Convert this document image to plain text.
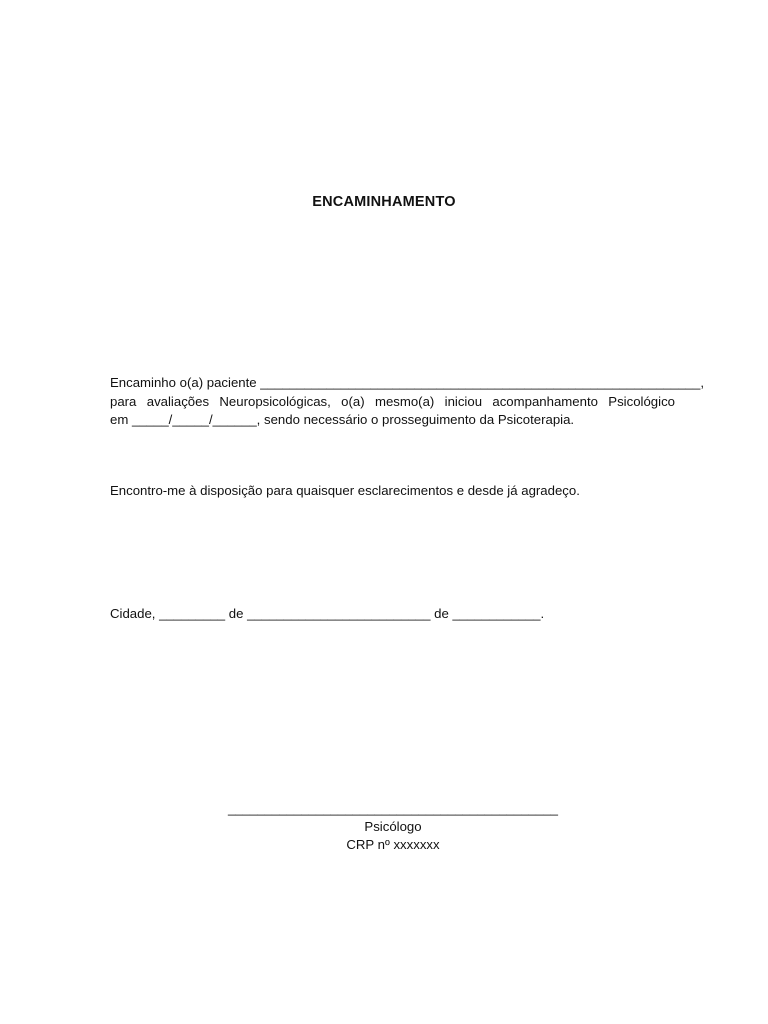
ENCAMINHAMENTO
Encaminho o(a) paciente ____________________________________________________________,
para avaliações Neuropsicológicas, o(a) mesmo(a) iniciou acompanhamento Psicológico
em _____/_____/______, sendo necessário o prosseguimento da Psicoterapia.
Encontro-me à disposição para quaisquer esclarecimentos e desde já agradeço.
Cidade, _________ de _________________________ de ____________.
_____________________________________________
Psicólogo
CRP nº xxxxxxx
